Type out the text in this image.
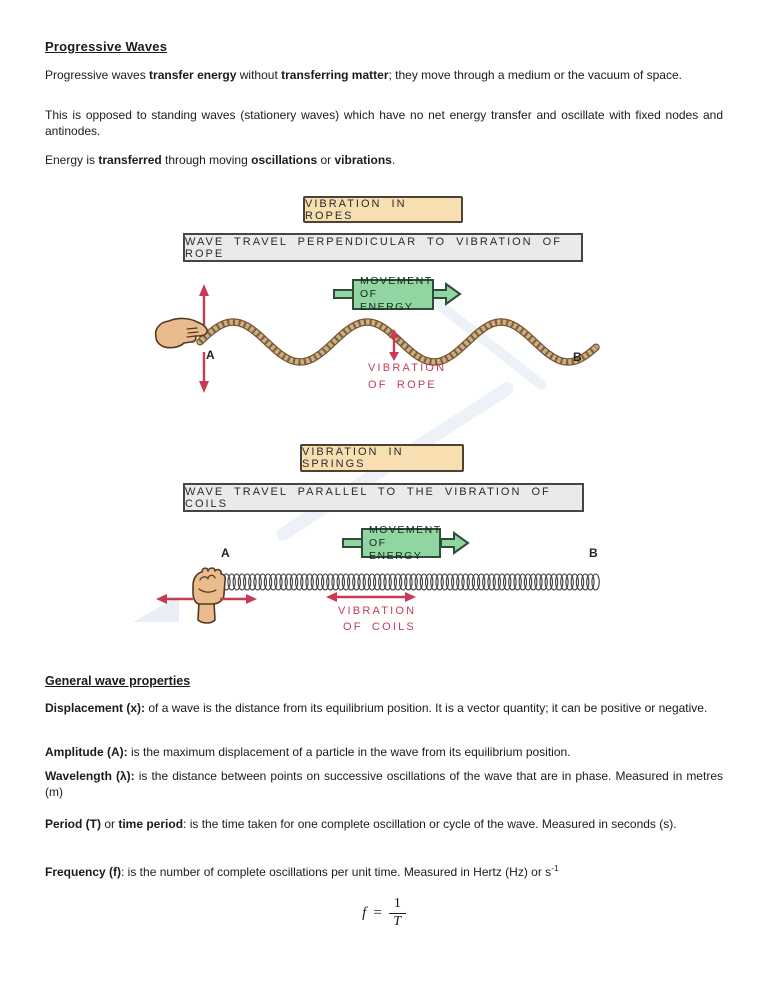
Progressive Waves

Progressive waves transfer energy without transferring matter; they move through a medium or the vacuum of space.

This is opposed to standing waves (stationery waves) which have no net energy transfer and oscillate with fixed nodes and antinodes.

Energy is transferred through moving oscillations or vibrations.

VIBRATION IN ROPES
WAVE TRAVEL PERPENDICULAR TO VIBRATION OF ROPE
MOVEMENT
OF ENERGY
A	B
VIBRATION
OF ROPE
VIBRATION IN SPRINGS
WAVE TRAVEL PARALLEL TO THE VIBRATION OF COILS
MOVEMENT
OF ENERGY
A	B
VIBRATION
OF COILS
General wave properties

Displacement (x): of a wave is the distance from its equilibrium position. It is a vector quantity; it can be positive or negative.

Amplitude (A): is the maximum displacement of a particle in the wave from its equilibrium position.

Wavelength (λ): is the distance between points on successive oscillations of the wave that are in phase. Measured in metres (m)

Period (T) or time period: is the time taken for one complete oscillation or cycle of the wave. Measured in seconds (s).

Frequency (f): is the number of complete oscillations per unit time. Measured in Hertz (Hz) or $s^{-1}$

$f = \frac{1}{T}$
